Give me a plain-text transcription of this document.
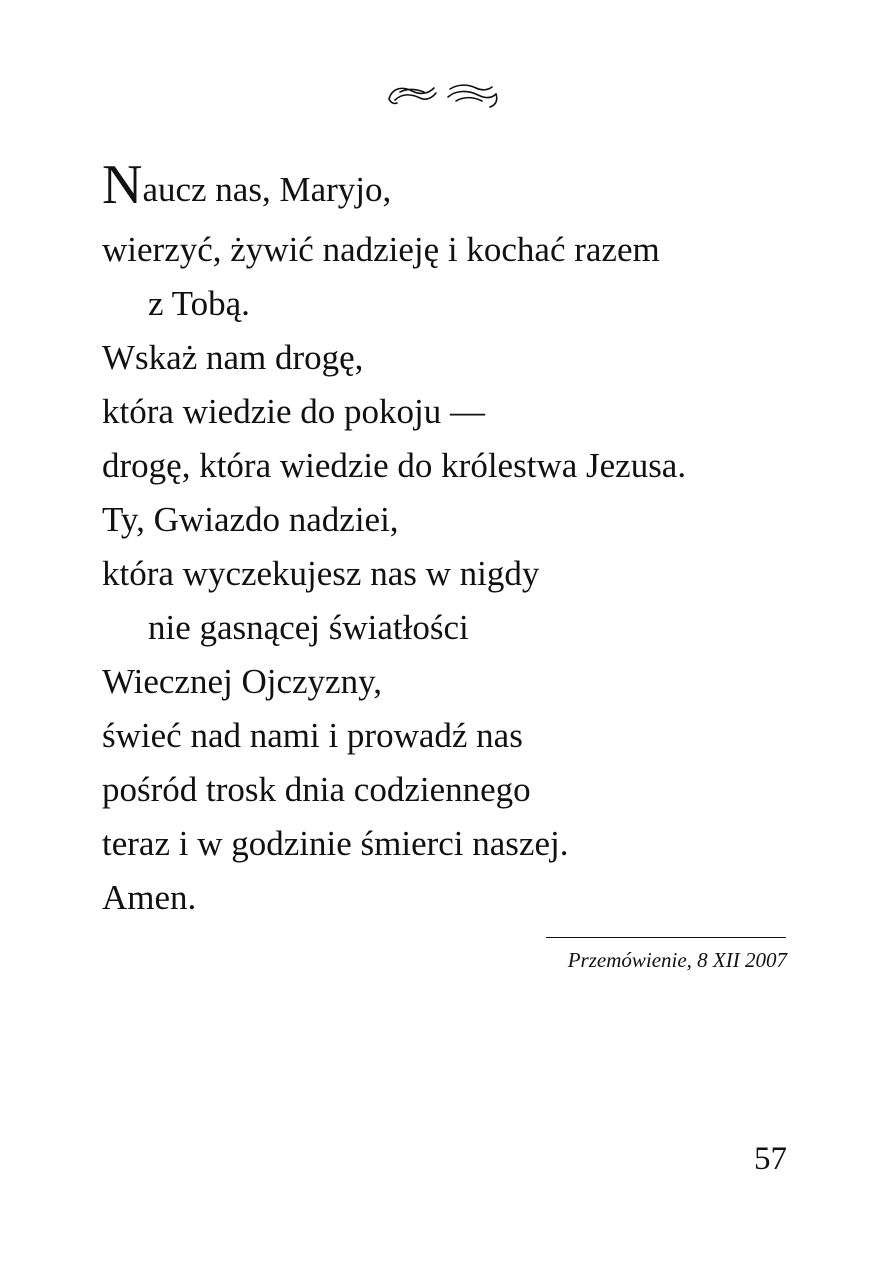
Naucz nas, Maryjo,
wierzyć, żywić nadzieję i kochać razem
z Tobą.
Wskaż nam drogę,
która wiedzie do pokoju —
drogę, która wiedzie do królestwa Jezusa.
Ty, Gwiazdo nadziei,
która wyczekujesz nas w nigdy
nie gasnącej światłości
Wiecznej Ojczyzny,
świeć nad nami i prowadź nas
pośród trosk dnia codziennego
teraz i w godzinie śmierci naszej.
Amen.
Przemówienie, 8 XII 2007
57
